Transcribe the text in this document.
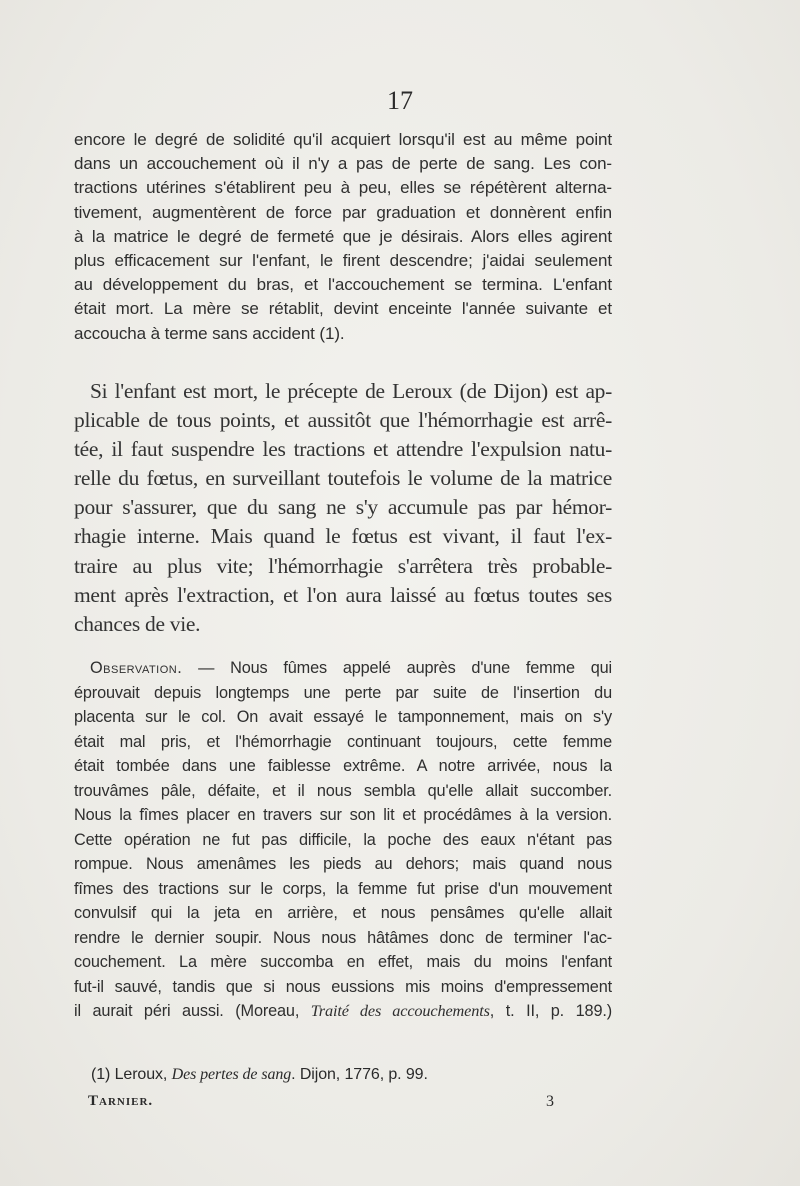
17
encore le degré de solidité qu'il acquiert lorsqu'il est au même point
dans un accouchement où il n'y a pas de perte de sang. Les con-
tractions utérines s'établirent peu à peu, elles se répétèrent alterna-
tivement, augmentèrent de force par graduation et donnèrent enfin
à la matrice le degré de fermeté que je désirais. Alors elles agirent
plus efficacement sur l'enfant, le firent descendre; j'aidai seulement
au développement du bras, et l'accouchement se termina. L'enfant
était mort. La mère se rétablit, devint enceinte l'année suivante et
accoucha à terme sans accident (1).
Si l'enfant est mort, le précepte de Leroux (de Dijon) est ap-
plicable de tous points, et aussitôt que l'hémorrhagie est arrê-
tée, il faut suspendre les tractions et attendre l'expulsion natu-
relle du fœtus, en surveillant toutefois le volume de la matrice
pour s'assurer, que du sang ne s'y accumule pas par hémor-
rhagie interne. Mais quand le fœtus est vivant, il faut l'ex-
traire au plus vite; l'hémorrhagie s'arrêtera très probable-
ment après l'extraction, et l'on aura laissé au fœtus toutes ses
chances de vie.
Observation. — Nous fûmes appelé auprès d'une femme qui
éprouvait depuis longtemps une perte par suite de l'insertion du
placenta sur le col. On avait essayé le tamponnement, mais on s'y
était mal pris, et l'hémorrhagie continuant toujours, cette femme
était tombée dans une faiblesse extrême. A notre arrivée, nous la
trouvâmes pâle, défaite, et il nous sembla qu'elle allait succomber.
Nous la fîmes placer en travers sur son lit et procédâmes à la version.
Cette opération ne fut pas difficile, la poche des eaux n'étant pas
rompue. Nous amenâmes les pieds au dehors; mais quand nous
fîmes des tractions sur le corps, la femme fut prise d'un mouvement
convulsif qui la jeta en arrière, et nous pensâmes qu'elle allait
rendre le dernier soupir. Nous nous hâtâmes donc de terminer l'ac-
couchement. La mère succomba en effet, mais du moins l'enfant
fut-il sauvé, tandis que si nous eussions mis moins d'empressement
il aurait péri aussi. (Moreau, Traité des accouchements, t. II, p. 189.)
(1) Leroux, Des pertes de sang. Dijon, 1776, p. 99.
Tarnier.	3
